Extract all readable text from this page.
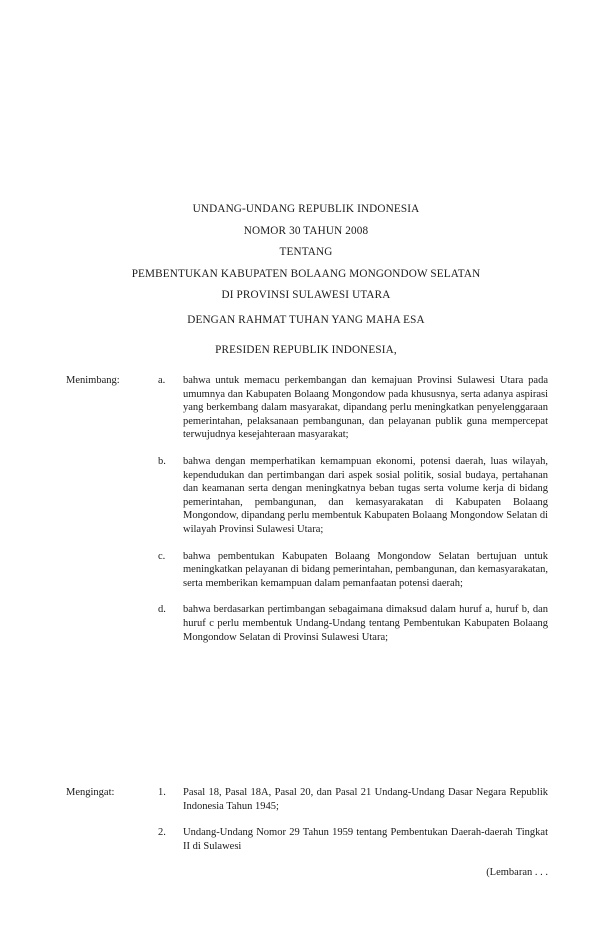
UNDANG-UNDANG REPUBLIK INDONESIA
NOMOR 30 TAHUN 2008
TENTANG
PEMBENTUKAN KABUPATEN BOLAANG MONGONDOW SELATAN
DI PROVINSI SULAWESI UTARA
DENGAN RAHMAT TUHAN YANG MAHA ESA
PRESIDEN REPUBLIK INDONESIA,
Menimbang:	a.	bahwa untuk memacu perkembangan dan kemajuan Provinsi Sulawesi Utara pada umumnya dan Kabupaten Bolaang Mongondow pada khususnya, serta adanya aspirasi yang berkembang dalam masyarakat, dipandang perlu meningkatkan penyelenggaraan pemerintahan, pelaksanaan pembangunan, dan pelayanan publik guna mempercepat terwujudnya kesejahteraan masyarakat;
b.	bahwa dengan memperhatikan kemampuan ekonomi, potensi daerah, luas wilayah, kependudukan dan pertimbangan dari aspek sosial politik, sosial budaya, pertahanan dan keamanan serta dengan meningkatnya beban tugas serta volume kerja di bidang pemerintahan, pembangunan, dan kemasyarakatan di Kabupaten Bolaang Mongondow, dipandang perlu membentuk Kabupaten Bolaang Mongondow Selatan di wilayah Provinsi Sulawesi Utara;
c.	bahwa pembentukan Kabupaten Bolaang Mongondow Selatan bertujuan untuk meningkatkan pelayanan di bidang pemerintahan, pembangunan, dan kemasyarakatan, serta memberikan kemampuan dalam pemanfaatan potensi daerah;
d.	bahwa berdasarkan pertimbangan sebagaimana dimaksud dalam huruf a, huruf b, dan huruf c perlu membentuk Undang-Undang tentang Pembentukan Kabupaten Bolaang Mongondow Selatan di Provinsi Sulawesi Utara;
Mengingat:	1.	Pasal 18, Pasal 18A, Pasal 20, dan Pasal 21 Undang-Undang Dasar Negara Republik Indonesia Tahun 1945;
2.	Undang-Undang Nomor 29 Tahun 1959 tentang Pembentukan Daerah-daerah Tingkat II di Sulawesi
(Lembaran . . .
